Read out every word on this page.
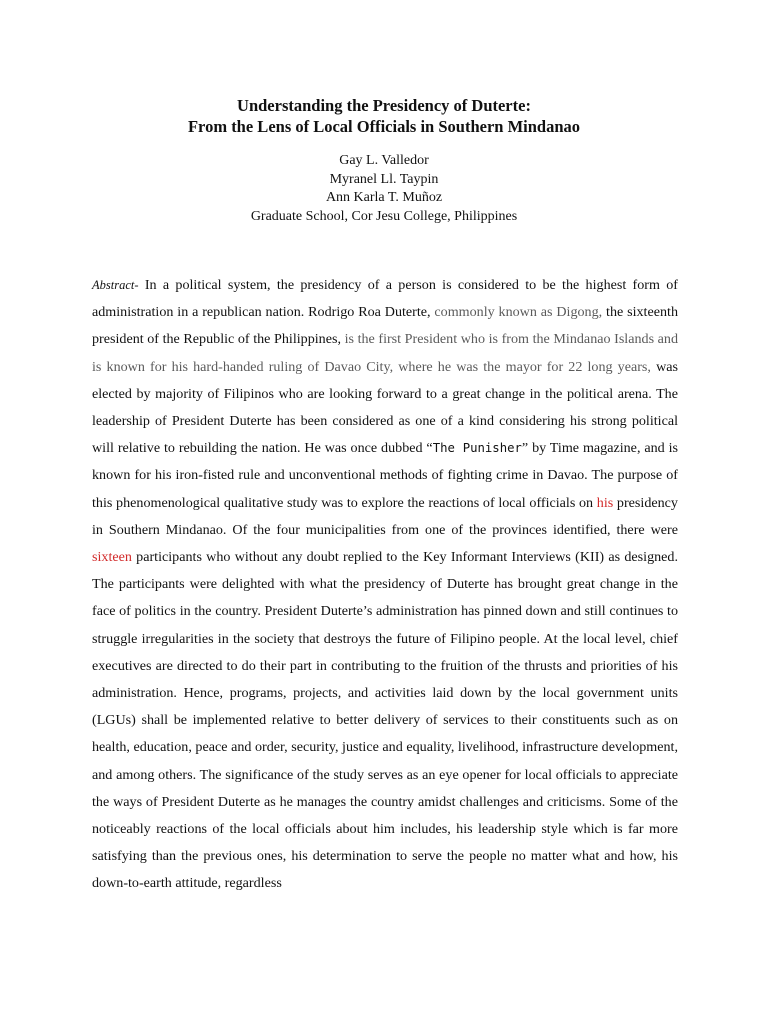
Understanding the Presidency of Duterte:
From the Lens of Local Officials in Southern Mindanao
Gay L. Valledor
Myranel Ll. Taypin
Ann Karla T. Muñoz
Graduate School, Cor Jesu College, Philippines

Abstract- In a political system, the presidency of a person is considered to be the highest form of administration in a republican nation. Rodrigo Roa Duterte, commonly known as Digong, the sixteenth president of the Republic of the Philippines, is the first President who is from the Mindanao Islands and is known for his hard-handed ruling of Davao City, where he was the mayor for 22 long years, was elected by majority of Filipinos who are looking forward to a great change in the political arena. The leadership of President Duterte has been considered as one of a kind considering his strong political will relative to rebuilding the nation. He was once dubbed “The Punisher” by Time magazine, and is known for his iron-fisted rule and unconventional methods of fighting crime in Davao. The purpose of this phenomenological qualitative study was to explore the reactions of local officials on his presidency in Southern Mindanao. Of the four municipalities from one of the provinces identified, there were sixteen participants who without any doubt replied to the Key Informant Interviews (KII) as designed. The participants were delighted with what the presidency of Duterte has brought great change in the face of politics in the country. President Duterte’s administration has pinned down and still continues to struggle irregularities in the society that destroys the future of Filipino people. At the local level, chief executives are directed to do their part in contributing to the fruition of the thrusts and priorities of his administration. Hence, programs, projects, and activities laid down by the local government units (LGUs) shall be implemented relative to better delivery of services to their constituents such as on health, education, peace and order, security, justice and equality, livelihood, infrastructure development, and among others. The significance of the study serves as an eye opener for local officials to appreciate the ways of President Duterte as he manages the country amidst challenges and criticisms. Some of the noticeably reactions of the local officials about him includes, his leadership style which is far more satisfying than the previous ones, his determination to serve the people no matter what and how, his down-to-earth attitude, regardless
